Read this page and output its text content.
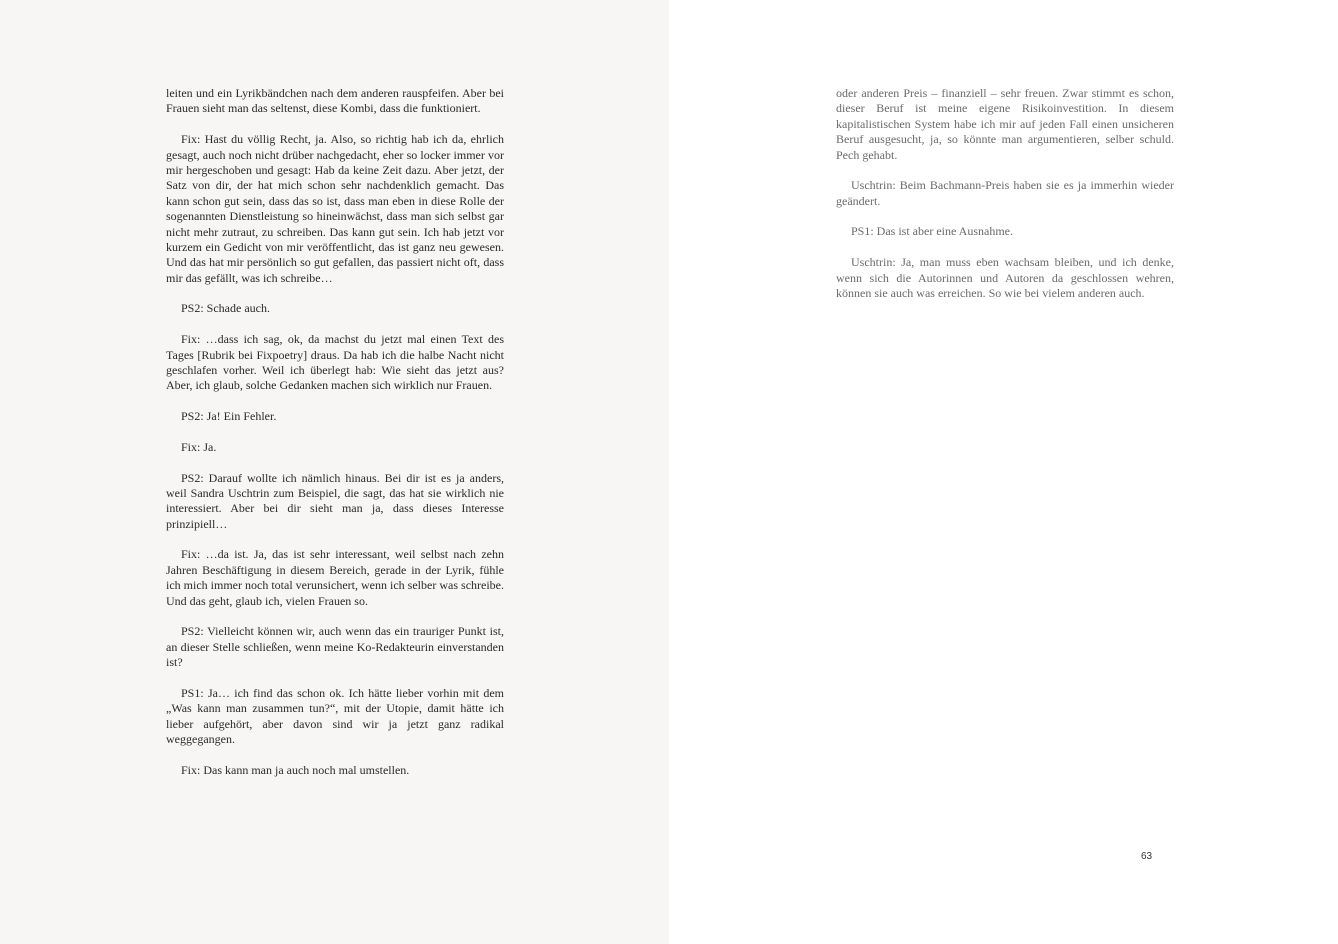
leiten und ein Lyrikbändchen nach dem anderen rauspfeifen. Aber bei Frauen sieht man das seltenst, diese Kombi, dass die funktioniert.

Fix: Hast du völlig Recht, ja. Also, so richtig hab ich da, ehrlich gesagt, auch noch nicht drüber nachgedacht, eher so locker immer vor mir hergeschoben und gesagt: Hab da keine Zeit dazu. Aber jetzt, der Satz von dir, der hat mich schon sehr nachdenklich gemacht. Das kann schon gut sein, dass das so ist, dass man eben in diese Rolle der sogenannten Dienstleistung so hineinwächst, dass man sich selbst gar nicht mehr zutraut, zu schreiben. Das kann gut sein. Ich hab jetzt vor kurzem ein Gedicht von mir veröffentlicht, das ist ganz neu gewesen. Und das hat mir persönlich so gut gefallen, das passiert nicht oft, dass mir das gefällt, was ich schreibe…

PS2: Schade auch.

Fix: …dass ich sag, ok, da machst du jetzt mal einen Text des Tages [Rubrik bei Fixpoetry] draus. Da hab ich die halbe Nacht nicht geschlafen vorher. Weil ich überlegt hab: Wie sieht das jetzt aus? Aber, ich glaub, solche Gedanken machen sich wirklich nur Frauen.

PS2: Ja! Ein Fehler.

Fix: Ja.

PS2: Darauf wollte ich nämlich hinaus. Bei dir ist es ja anders, weil Sandra Uschtrin zum Beispiel, die sagt, das hat sie wirklich nie interessiert. Aber bei dir sieht man ja, dass dieses Interesse prinzipiell…

Fix: …da ist. Ja, das ist sehr interessant, weil selbst nach zehn Jahren Beschäftigung in diesem Bereich, gerade in der Lyrik, fühle ich mich immer noch total verunsichert, wenn ich selber was schreibe. Und das geht, glaub ich, vielen Frauen so.

PS2: Vielleicht können wir, auch wenn das ein trauriger Punkt ist, an dieser Stelle schließen, wenn meine Ko-Redakteurin einverstanden ist?

PS1: Ja… ich find das schon ok. Ich hätte lieber vorhin mit dem „Was kann man zusammen tun?“, mit der Utopie, damit hätte ich lieber aufgehört, aber davon sind wir ja jetzt ganz radikal weggegangen.

Fix: Das kann man ja auch noch mal umstellen.

oder anderen Preis – finanziell – sehr freuen. Zwar stimmt es schon, dieser Beruf ist meine eigene Risikoinvestition. In diesem kapitalistischen System habe ich mir auf jeden Fall einen unsicheren Beruf ausgesucht, ja, so könnte man argumentieren, selber schuld. Pech gehabt.

Uschtrin: Beim Bachmann-Preis haben sie es ja immerhin wieder geändert.

PS1: Das ist aber eine Ausnahme.

Uschtrin: Ja, man muss eben wachsam bleiben, und ich denke, wenn sich die Autorinnen und Autoren da geschlossen wehren, können sie auch was erreichen. So wie bei vielem anderen auch.

63
